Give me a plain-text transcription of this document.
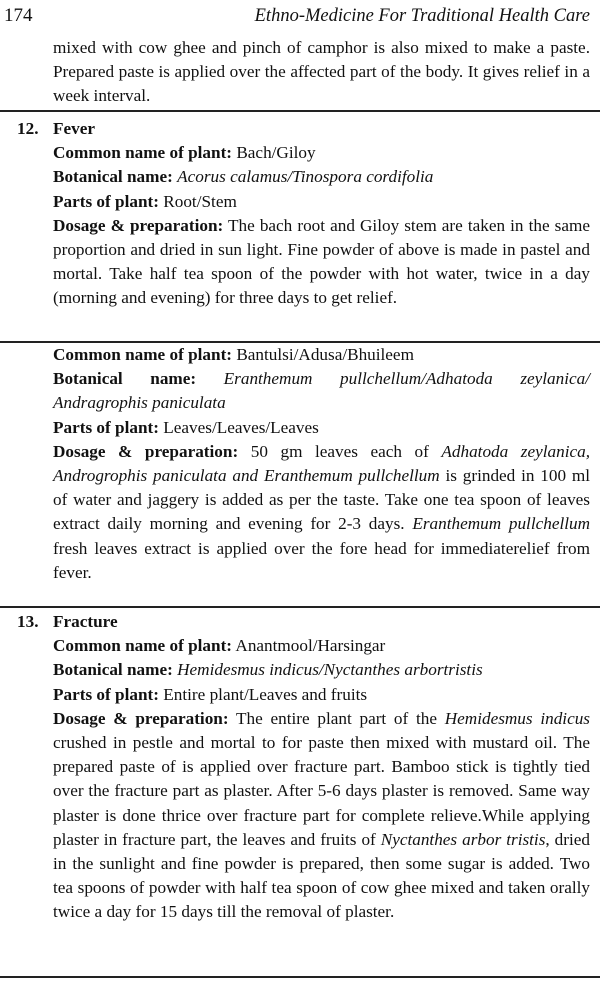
174	Ethno-Medicine For Traditional Health Care

mixed with cow ghee and pinch of camphor is also mixed to make a paste. Prepared paste is applied over the affected part of the body. It gives relief in a week interval.

12. Fever

Common name of plant: Bach/Giloy

Botanical name: Acorus calamus/Tinospora cordifolia

Parts of plant: Root/Stem

Dosage & preparation: The bach root and Giloy stem are taken in the same proportion and dried in sun light. Fine powder of above is made in pastel and mortal. Take half tea spoon of the powder with hot water, twice in a day (morning and evening) for three days to get relief.

Common name of plant: Bantulsi/Adusa/Bhuileem

Botanical name: Eranthemum pullchellum/Adhatoda zeylanica/ Andragrophis paniculata

Parts of plant: Leaves/Leaves/Leaves

Dosage & preparation: 50 gm leaves each of Adhatoda zeylanica, Androgrophis paniculata and Eranthemum pullchellum is grinded in 100 ml of water and jaggery is added as per the taste. Take one tea spoon of leaves extract daily morning and evening for 2-3 days. Eranthemum pullchellum fresh leaves extract is applied over the fore head for immediaterelief from fever.

13. Fracture

Common name of plant: Anantmool/Harsingar

Botanical name: Hemidesmus indicus/Nyctanthes arbortristis

Parts of plant: Entire plant/Leaves and fruits

Dosage & preparation: The entire plant part of the Hemidesmus indicus crushed in pestle and mortal to for paste then mixed with mustard oil. The prepared paste of is applied over fracture part. Bamboo stick is tightly tied over the fracture part as plaster. After 5-6 days plaster is removed. Same way plaster is done thrice over fracture part for complete relieve.While applying plaster in fracture part, the leaves and fruits of Nyctanthes arbor tristis, dried in the sunlight and fine powder is prepared, then some sugar is added. Two tea spoons of powder with half tea spoon of cow ghee mixed and taken orally twice a day for 15 days till the removal of plaster.
